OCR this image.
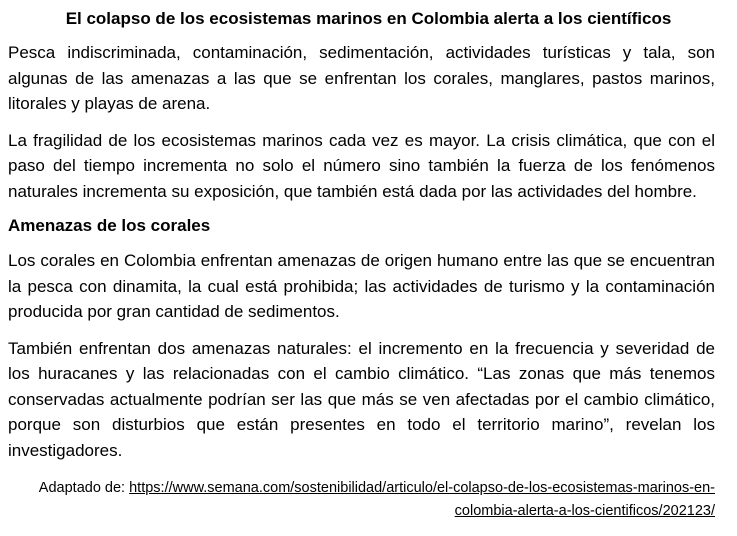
El colapso de los ecosistemas marinos en Colombia alerta a los científicos

Pesca indiscriminada, contaminación, sedimentación, actividades turísticas y tala, son algunas de las amenazas a las que se enfrentan los corales, manglares, pastos marinos, litorales y playas de arena.

La fragilidad de los ecosistemas marinos cada vez es mayor. La crisis climática, que con el paso del tiempo incrementa no solo el número sino también la fuerza de los fenómenos naturales incrementa su exposición, que también está dada por las actividades del hombre.

Amenazas de los corales

Los corales en Colombia enfrentan amenazas de origen humano entre las que se encuentran la pesca con dinamita, la cual está prohibida; las actividades de turismo y la contaminación producida por gran cantidad de sedimentos.

También enfrentan dos amenazas naturales: el incremento en la frecuencia y severidad de los huracanes y las relacionadas con el cambio climático. “Las zonas que más tenemos conservadas actualmente podrían ser las que más se ven afectadas por el cambio climático, porque son disturbios que están presentes en todo el territorio marino”, revelan los investigadores.

Adaptado de: https://www.semana.com/sostenibilidad/articulo/el-colapso-de-los-ecosistemas-marinos-en-colombia-alerta-a-los-cientificos/202123/
